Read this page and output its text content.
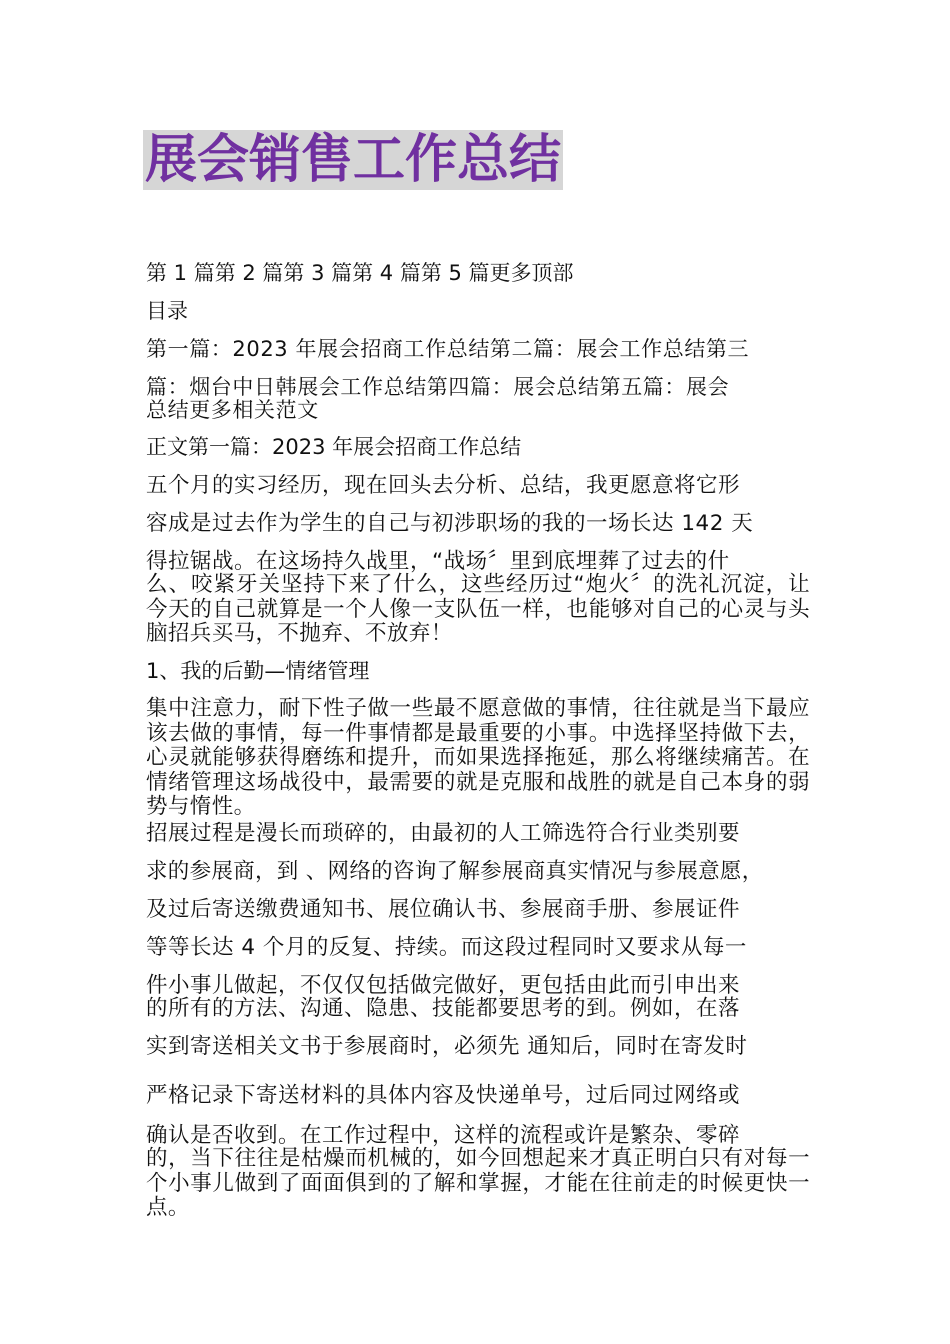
展会销售工作总结
第 1 篇第 2 篇第 3 篇第 4 篇第 5 篇更多顶部
目录
第一篇：2023 年展会招商工作总结第二篇：展会工作总结第三
篇：烟台中日韩展会工作总结第四篇：展会总结第五篇：展会
总结更多相关范文
正文第一篇：2023 年展会招商工作总结
五个月的实习经历，现在回头去分析、总结，我更愿意将它形
容成是过去作为学生的自己与初涉职场的我的一场长达 142 天
得拉锯战。在这场持久战里，“战场〞里到底埋葬了过去的什
么、咬紧牙关坚持下来了什么，这些经历过“炮火〞的洗礼沉淀，让今天的自己就算是一个人像一支队伍一样，也能够对自己的心灵与头脑招兵买马，不抛弃、不放弃！
1、我的后勤—情绪管理
集中注意力，耐下性子做一些最不愿意做的事情，往往就是当下最应该去做的事情，每一件事情都是最重要的小事。中选择坚持做下去，心灵就能够获得磨练和提升，而如果选择拖延，那么将继续痛苦。在情绪管理这场战役中，最需要的就是克服和战胜的就是自己本身的弱势与惰性。
招展过程是漫长而琐碎的，由最初的人工筛选符合行业类别要
求的参展商，到 、网络的咨询了解参展商真实情况与参展意愿，
及过后寄送缴费通知书、展位确认书、参展商手册、参展证件
等等长达 4 个月的反复、持续。而这段过程同时又要求从每一
件小事儿做起，不仅仅包括做完做好，更包括由此而引申出来
的所有的方法、沟通、隐患、技能都要思考的到。例如，在落
实到寄送相关文书于参展商时，必须先 通知后，同时在寄发时
严格记录下寄送材料的具体内容及快递单号，过后同过网络或
确认是否收到。在工作过程中，这样的流程或许是繁杂、零碎
的，当下往往是枯燥而机械的，如今回想起来才真正明白只有对每一个小事儿做到了面面俱到的了解和掌握，才能在往前走的时候更快一点。
